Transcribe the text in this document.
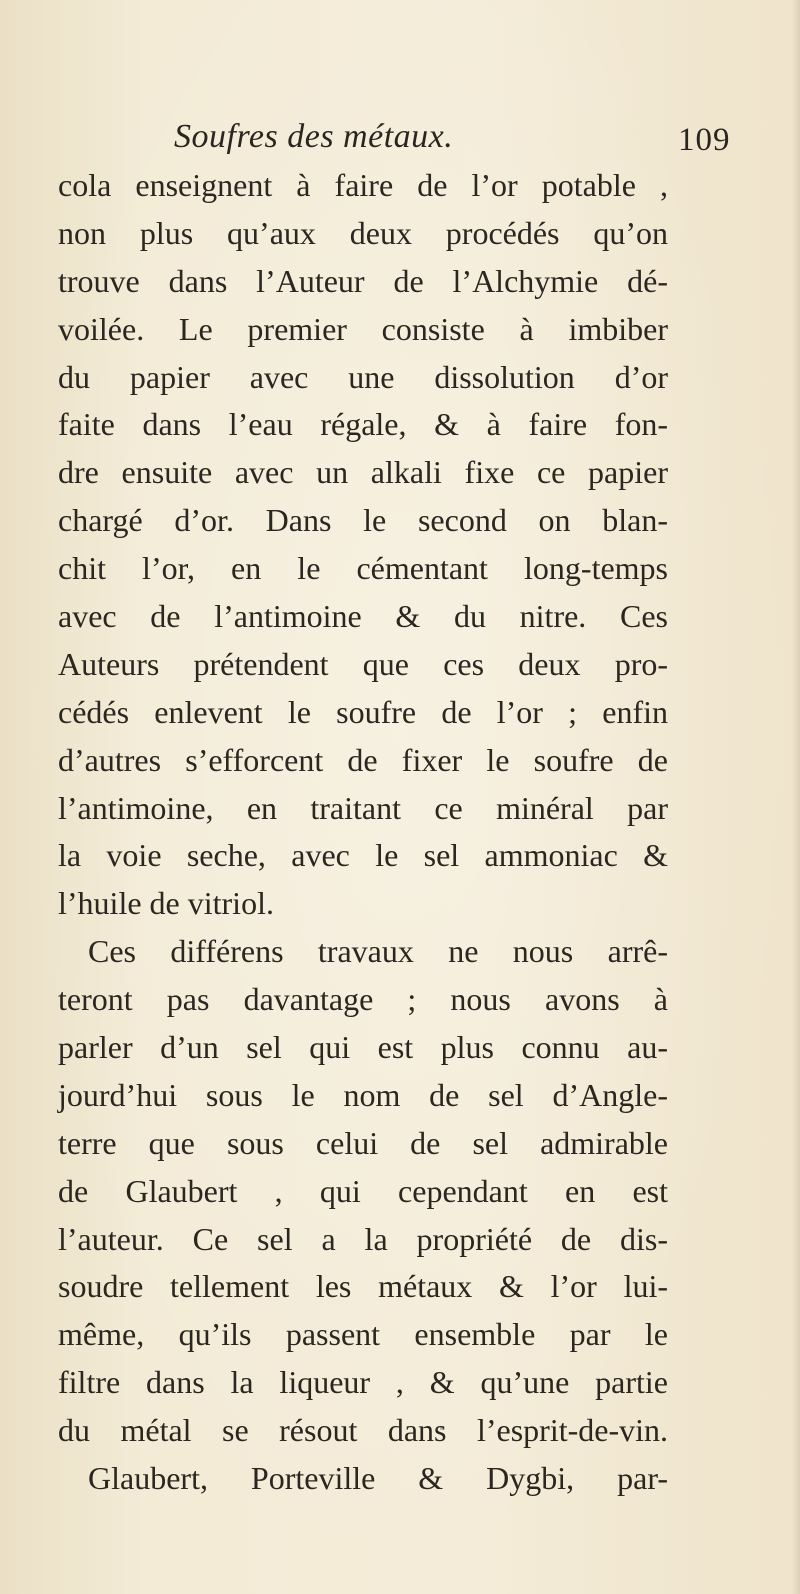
Soufres des métaux.	109
cola enseignent à faire de l’or potable ,
non plus qu’aux deux procédés qu’on
trouve dans l’Auteur de l’Alchymie dé-
voilée. Le premier consiste à imbiber
du papier avec une dissolution d’or
faite dans l’eau régale, & à faire fon-
dre ensuite avec un alkali fixe ce papier
chargé d’or. Dans le second on blan-
chit l’or, en le cémentant long-temps
avec de l’antimoine & du nitre. Ces
Auteurs prétendent que ces deux pro-
cédés enlevent le soufre de l’or ; enfin
d’autres s’efforcent de fixer le soufre de
l’antimoine, en traitant ce minéral par
la voie seche, avec le sel ammoniac &
l’huile de vitriol.
Ces différens travaux ne nous arrê-
teront pas davantage ; nous avons à
parler d’un sel qui est plus connu au-
jourd’hui sous le nom de sel d’Angle-
terre que sous celui de sel admirable
de Glaubert , qui cependant en est
l’auteur. Ce sel a la propriété de dis-
soudre tellement les métaux & l’or lui-
même, qu’ils passent ensemble par le
filtre dans la liqueur , & qu’une partie
du métal se résout dans l’esprit-de-vin.
Glaubert, Porteville & Dygbi, par-
